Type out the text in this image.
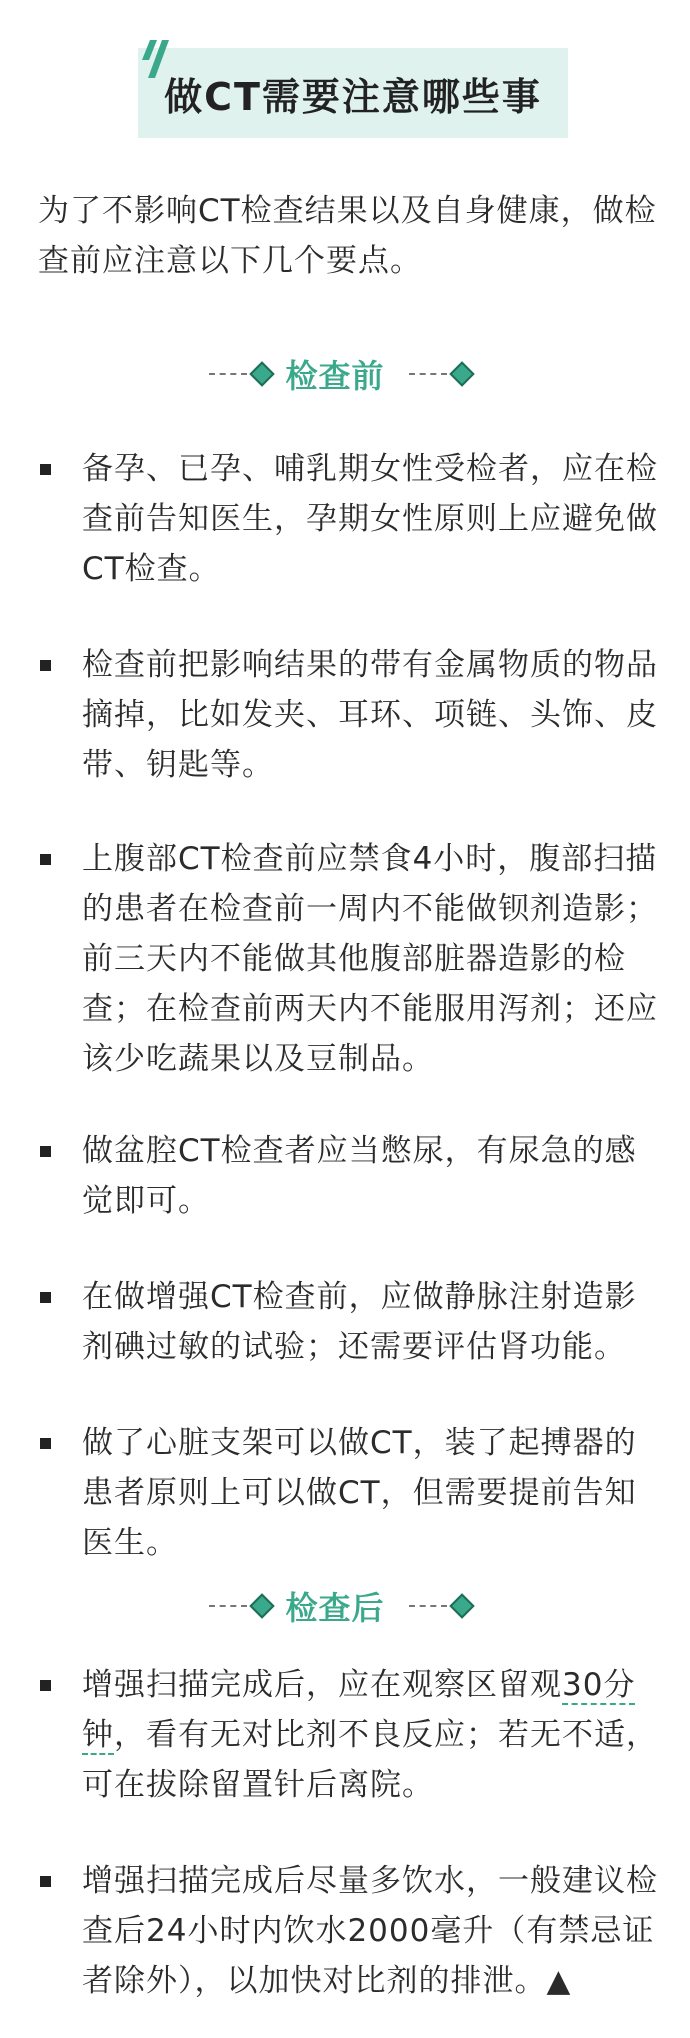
做CT需要注意哪些事
为了不影响CT检查结果以及自身健康，做检查前应注意以下几个要点。
检查前
备孕、已孕、哺乳期女性受检者，应在检查前告知医生，孕期女性原则上应避免做CT检查。
检查前把影响结果的带有金属物质的物品摘掉，比如发夹、耳环、项链、头饰、皮带、钥匙等。
上腹部CT检查前应禁食4小时，腹部扫描的患者在检查前一周内不能做钡剂造影；前三天内不能做其他腹部脏器造影的检查；在检查前两天内不能服用泻剂；还应该少吃蔬果以及豆制品。
做盆腔CT检查者应当憋尿，有尿急的感觉即可。
在做增强CT检查前，应做静脉注射造影剂碘过敏的试验；还需要评估肾功能。
做了心脏支架可以做CT，装了起搏器的患者原则上可以做CT，但需要提前告知医生。
检查后
增强扫描完成后，应在观察区留观30分钟，看有无对比剂不良反应；若无不适，可在拔除留置针后离院。
增强扫描完成后尽量多饮水，一般建议检查后24小时内饮水2000毫升（有禁忌证者除外），以加快对比剂的排泄。▲
